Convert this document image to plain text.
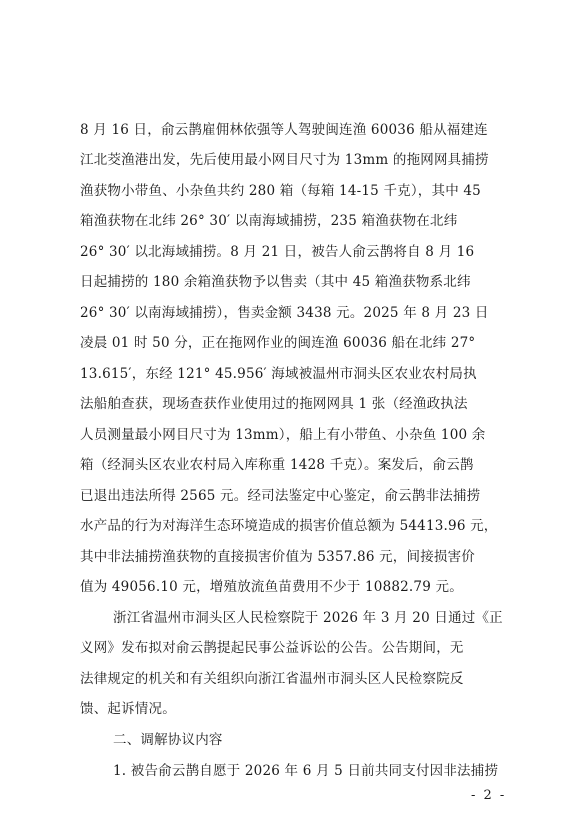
8 月 16 日，俞云鹊雇佣林依强等人驾驶闽连渔 60036 船从福建连
江北茭渔港出发，先后使用最小网目尺寸为 13mm 的拖网网具捕捞
渔获物小带鱼、小杂鱼共约 280 箱（每箱 14-15 千克），其中 45
箱渔获物在北纬 26° 30′ 以南海域捕捞，235 箱渔获物在北纬
26° 30′ 以北海域捕捞。8 月 21 日，被告人俞云鹊将自 8 月 16
日起捕捞的 180 余箱渔获物予以售卖（其中 45 箱渔获物系北纬
26° 30′ 以南海域捕捞），售卖金额 3438 元。2025 年 8 月 23 日
凌晨 01 时 50 分，正在拖网作业的闽连渔 60036 船在北纬 27°
13.615′，东经 121° 45.956′ 海域被温州市洞头区农业农村局执
法船舶查获，现场查获作业使用过的拖网网具 1 张（经渔政执法
人员测量最小网目尺寸为 13mm），船上有小带鱼、小杂鱼 100 余
箱（经洞头区农业农村局入库称重 1428 千克）。案发后，俞云鹊
已退出违法所得 2565 元。经司法鉴定中心鉴定，俞云鹊非法捕捞
水产品的行为对海洋生态环境造成的损害价值总额为 54413.96 元，
其中非法捕捞渔获物的直接损害价值为 5357.86 元，间接损害价
值为 49056.10 元，增殖放流鱼苗费用不少于 10882.79 元。
浙江省温州市洞头区人民检察院于 2026 年 3 月 20 日通过《正
义网》发布拟对俞云鹊提起民事公益诉讼的公告。公告期间，无
法律规定的机关和有关组织向浙江省温州市洞头区人民检察院反
馈、起诉情况。
二、调解协议内容
1. 被告俞云鹊自愿于 2026 年 6 月 5 日前共同支付因非法捕捞
- 2 -
